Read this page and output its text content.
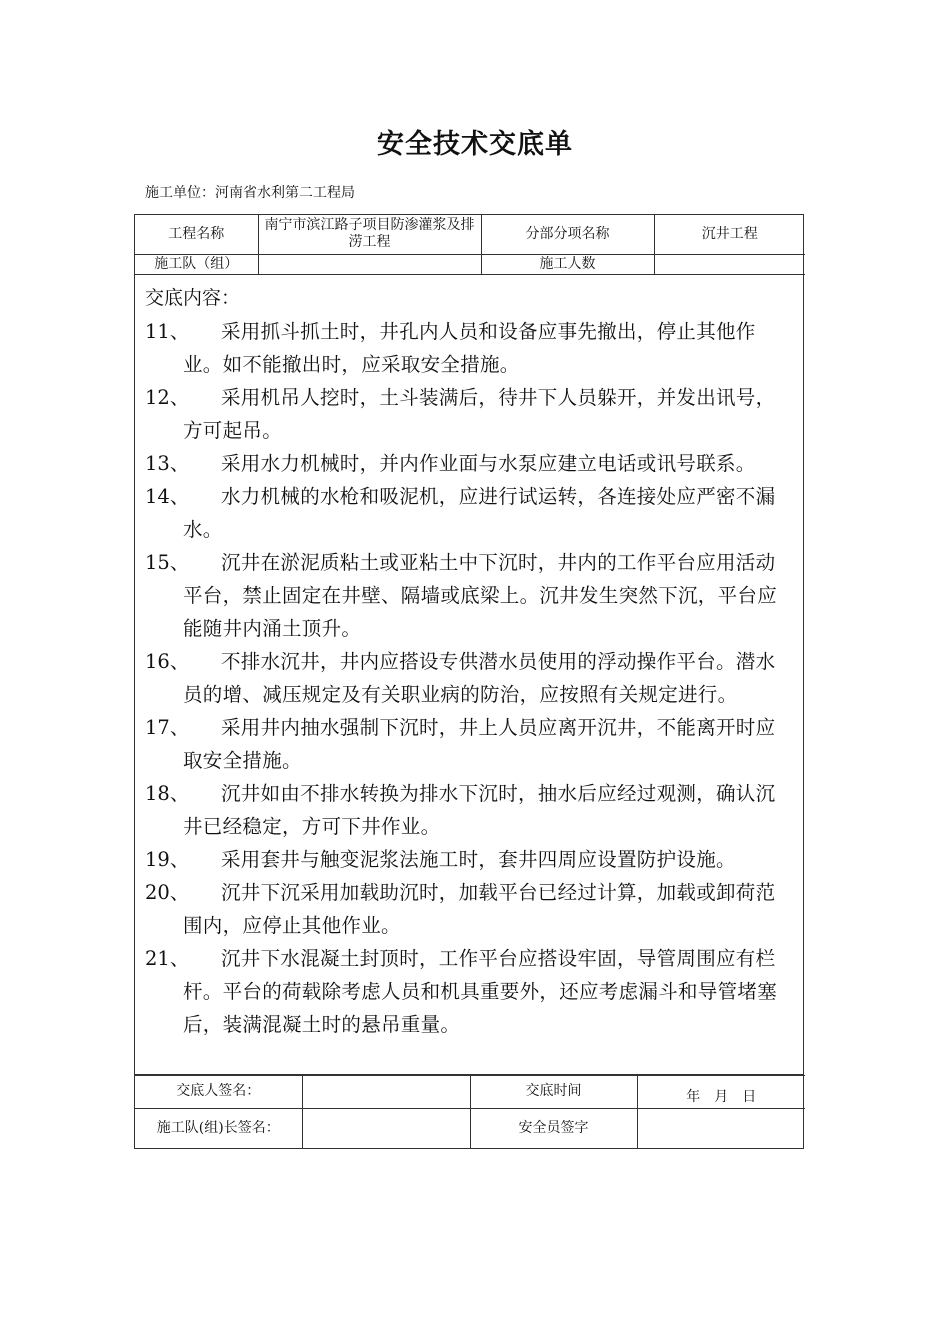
安全技术交底单
施工单位：河南省水利第二工程局
工程名称	南宁市滨江路子项目防渗灌浆及排涝工程	分部分项名称	沉井工程
施工队（组）		施工人数	
交底内容：
11、	采用抓斗抓土时，井孔内人员和设备应事先撤出，停止其他作业。如不能撤出时，应采取安全措施。
12、	采用机吊人挖时，土斗装满后，待井下人员躲开，并发出讯号，方可起吊。
13、	采用水力机械时，并内作业面与水泵应建立电话或讯号联系。
14、	水力机械的水枪和吸泥机，应进行试运转，各连接处应严密不漏水。
15、	沉井在淤泥质粘土或亚粘土中下沉时，井内的工作平台应用活动平台，禁止固定在井壁、隔墙或底梁上。沉井发生突然下沉，平台应能随井内涌土顶升。
16、	不排水沉井，井内应搭设专供潜水员使用的浮动操作平台。潜水员的增、减压规定及有关职业病的防治，应按照有关规定进行。
17、	采用井内抽水强制下沉时，井上人员应离开沉井，不能离开时应取安全措施。
18、	沉井如由不排水转换为排水下沉时，抽水后应经过观测，确认沉井已经稳定，方可下井作业。
19、	采用套井与触变泥浆法施工时，套井四周应设置防护设施。
20、	沉井下沉采用加载助沉时，加载平台已经过计算，加载或卸荷范围内，应停止其他作业。
21、	沉井下水混凝土封顶时，工作平台应搭设牢固，导管周围应有栏杆。平台的荷载除考虑人员和机具重要外，还应考虑漏斗和导管堵塞后，装满混凝土时的悬吊重量。
交底人签名：		交底时间	年　月　日
施工队(组)长签名：		安全员签字	
